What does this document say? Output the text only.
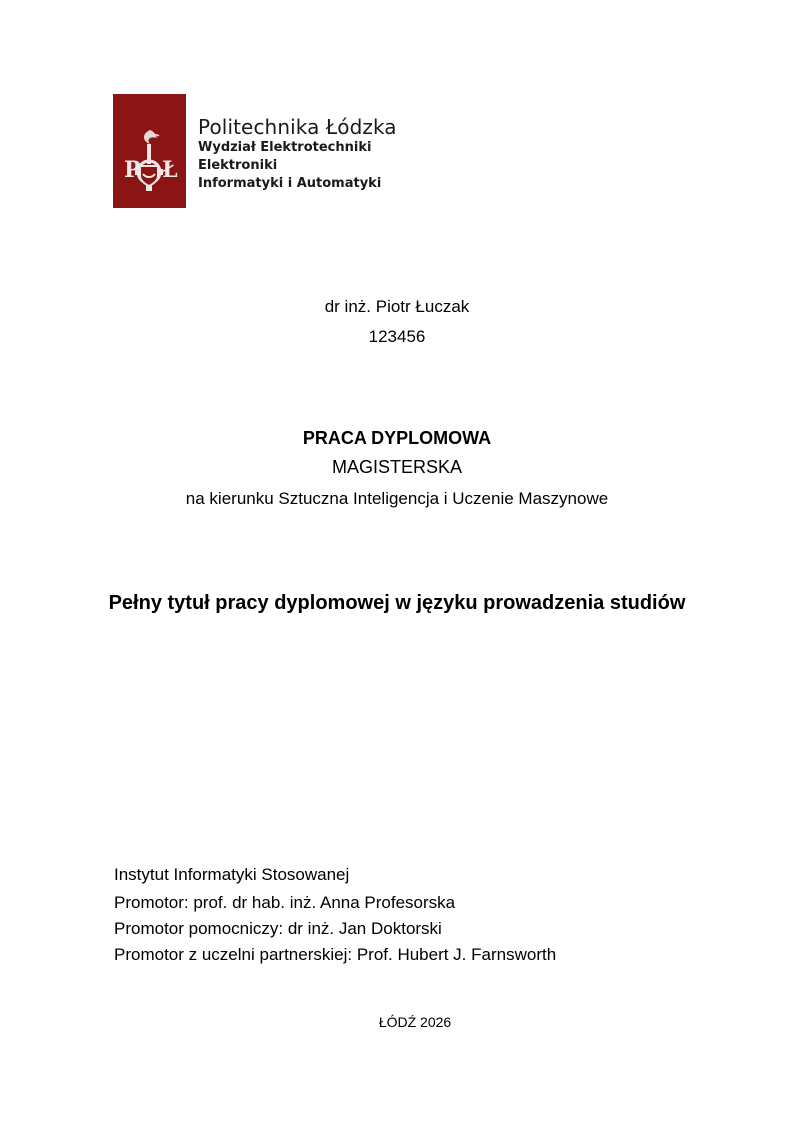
P Ł
Politechnika Łódzka
Wydział Elektrotechniki Elektroniki
Informatyki i Automatyki
dr inż. Piotr Łuczak
123456
PRACA DYPLOMOWA
MAGISTERSKA
na kierunku Sztuczna Inteligencja i Uczenie Maszynowe
Pełny tytuł pracy dyplomowej w języku prowadzenia studiów
Instytut Informatyki Stosowanej
Promotor: prof. dr hab. inż. Anna Profesorska
Promotor pomocniczy: dr inż. Jan Doktorski
Promotor z uczelni partnerskiej: Prof. Hubert J. Farnsworth
ŁÓDŹ 2026
